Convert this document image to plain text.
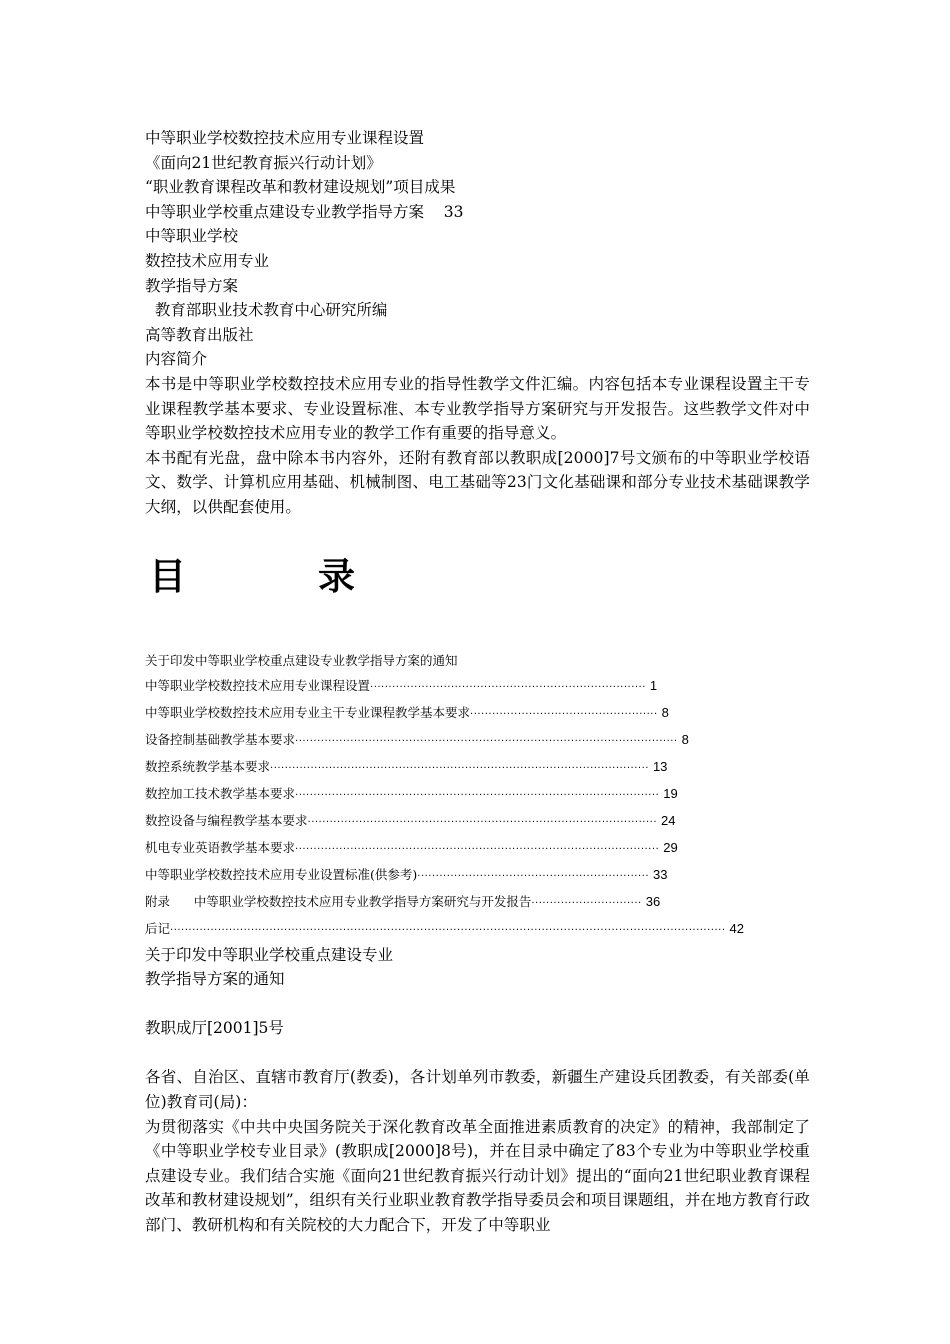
中等职业学校数控技术应用专业课程设置
《面向21世纪教育振兴行动计划》
“职业教育课程改革和教材建设规划”项目成果
中等职业学校重点建设专业教学指导方案    33
中等职业学校
数控技术应用专业
教学指导方案
教育部职业技术教育中心研究所编
高等教育出版社
内容简介
本书是中等职业学校数控技术应用专业的指导性教学文件汇编。内容包括本专业课程设置主干专业课程教学基本要求、专业设置标准、本专业教学指导方案研究与开发报告。这些教学文件对中等职业学校数控技术应用专业的教学工作有重要的指导意义。
本书配有光盘，盘中除本书内容外，还附有教育部以教职成[2000]7号文颁布的中等职业学校语文、数学、计算机应用基础、机械制图、电工基础等23门文化基础课和部分专业技术基础课教学大纲，以供配套使用。
目	录
关于印发中等职业学校重点建设专业教学指导方案的通知
中等职业学校数控技术应用专业课程设置 ··········································································· 1
中等职业学校数控技术应用专业主干专业课程教学基本要求 ··················································· 8
设备控制基础教学基本要求 ········································································································ 8
数控系统教学基本要求 ······································································································· 13
数控加工技术教学基本要求 ··································································································· 19
数控设备与编程教学基本要求 ······························································································· 24
机电专业英语教学基本要求 ··································································································· 29
中等职业学校数控技术应用专业设置标准(供参考) ······························································· 33
附录      中等职业学校数控技术应用专业教学指导方案研究与开发报告 ······························ 36
后记 ······················································································································································· 42
关于印发中等职业学校重点建设专业
教学指导方案的通知
教职成厅[2001]5号
各省、自治区、直辖市教育厅(教委)，各计划单列市教委，新疆生产建设兵团教委，有关部委(单位)教育司(局)：
为贯彻落实《中共中央国务院关于深化教育改革全面推进素质教育的决定》的精神，我部制定了《中等职业学校专业目录》(教职成[2000]8号)，并在目录中确定了83个专业为中等职业学校重点建设专业。我们结合实施《面向21世纪教育振兴行动计划》提出的“面向21世纪职业教育课程改革和教材建设规划”，组织有关行业职业教育教学指导委员会和项目课题组，并在地方教育行政部门、教研机构和有关院校的大力配合下，开发了中等职业
